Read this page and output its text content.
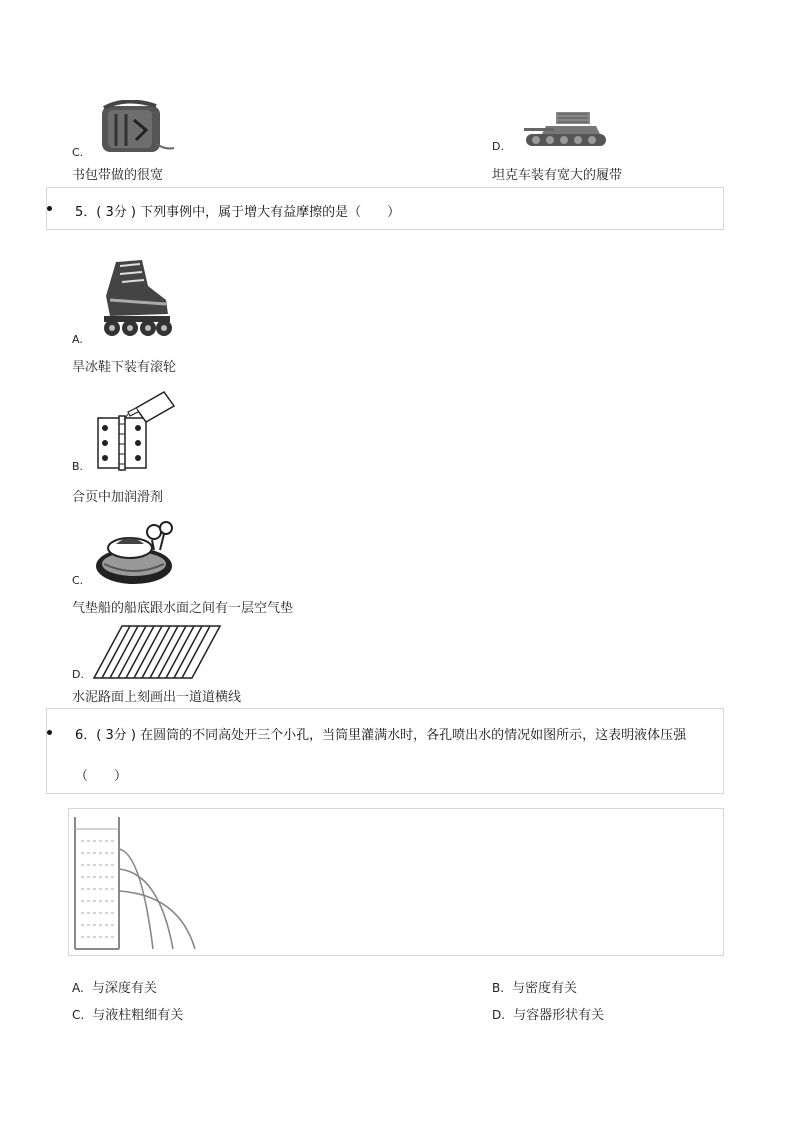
C.
书包带做的很宽
D.
坦克车装有宽大的履带
5．( 3分 ) 下列事例中，属于增大有益摩擦的是（　　）
A.
旱冰鞋下装有滚轮
B.
合页中加润滑剂
C.
气垫船的船底跟水面之间有一层空气垫
D.
水泥路面上刻画出一道道横线
6．( 3分 ) 在圆筒的不同高处开三个小孔，当筒里灌满水时，各孔喷出水的情况如图所示，这表明液体压强
（　　）
A. 与深度有关	B. 与密度有关
C. 与液柱粗细有关	D. 与容器形状有关
